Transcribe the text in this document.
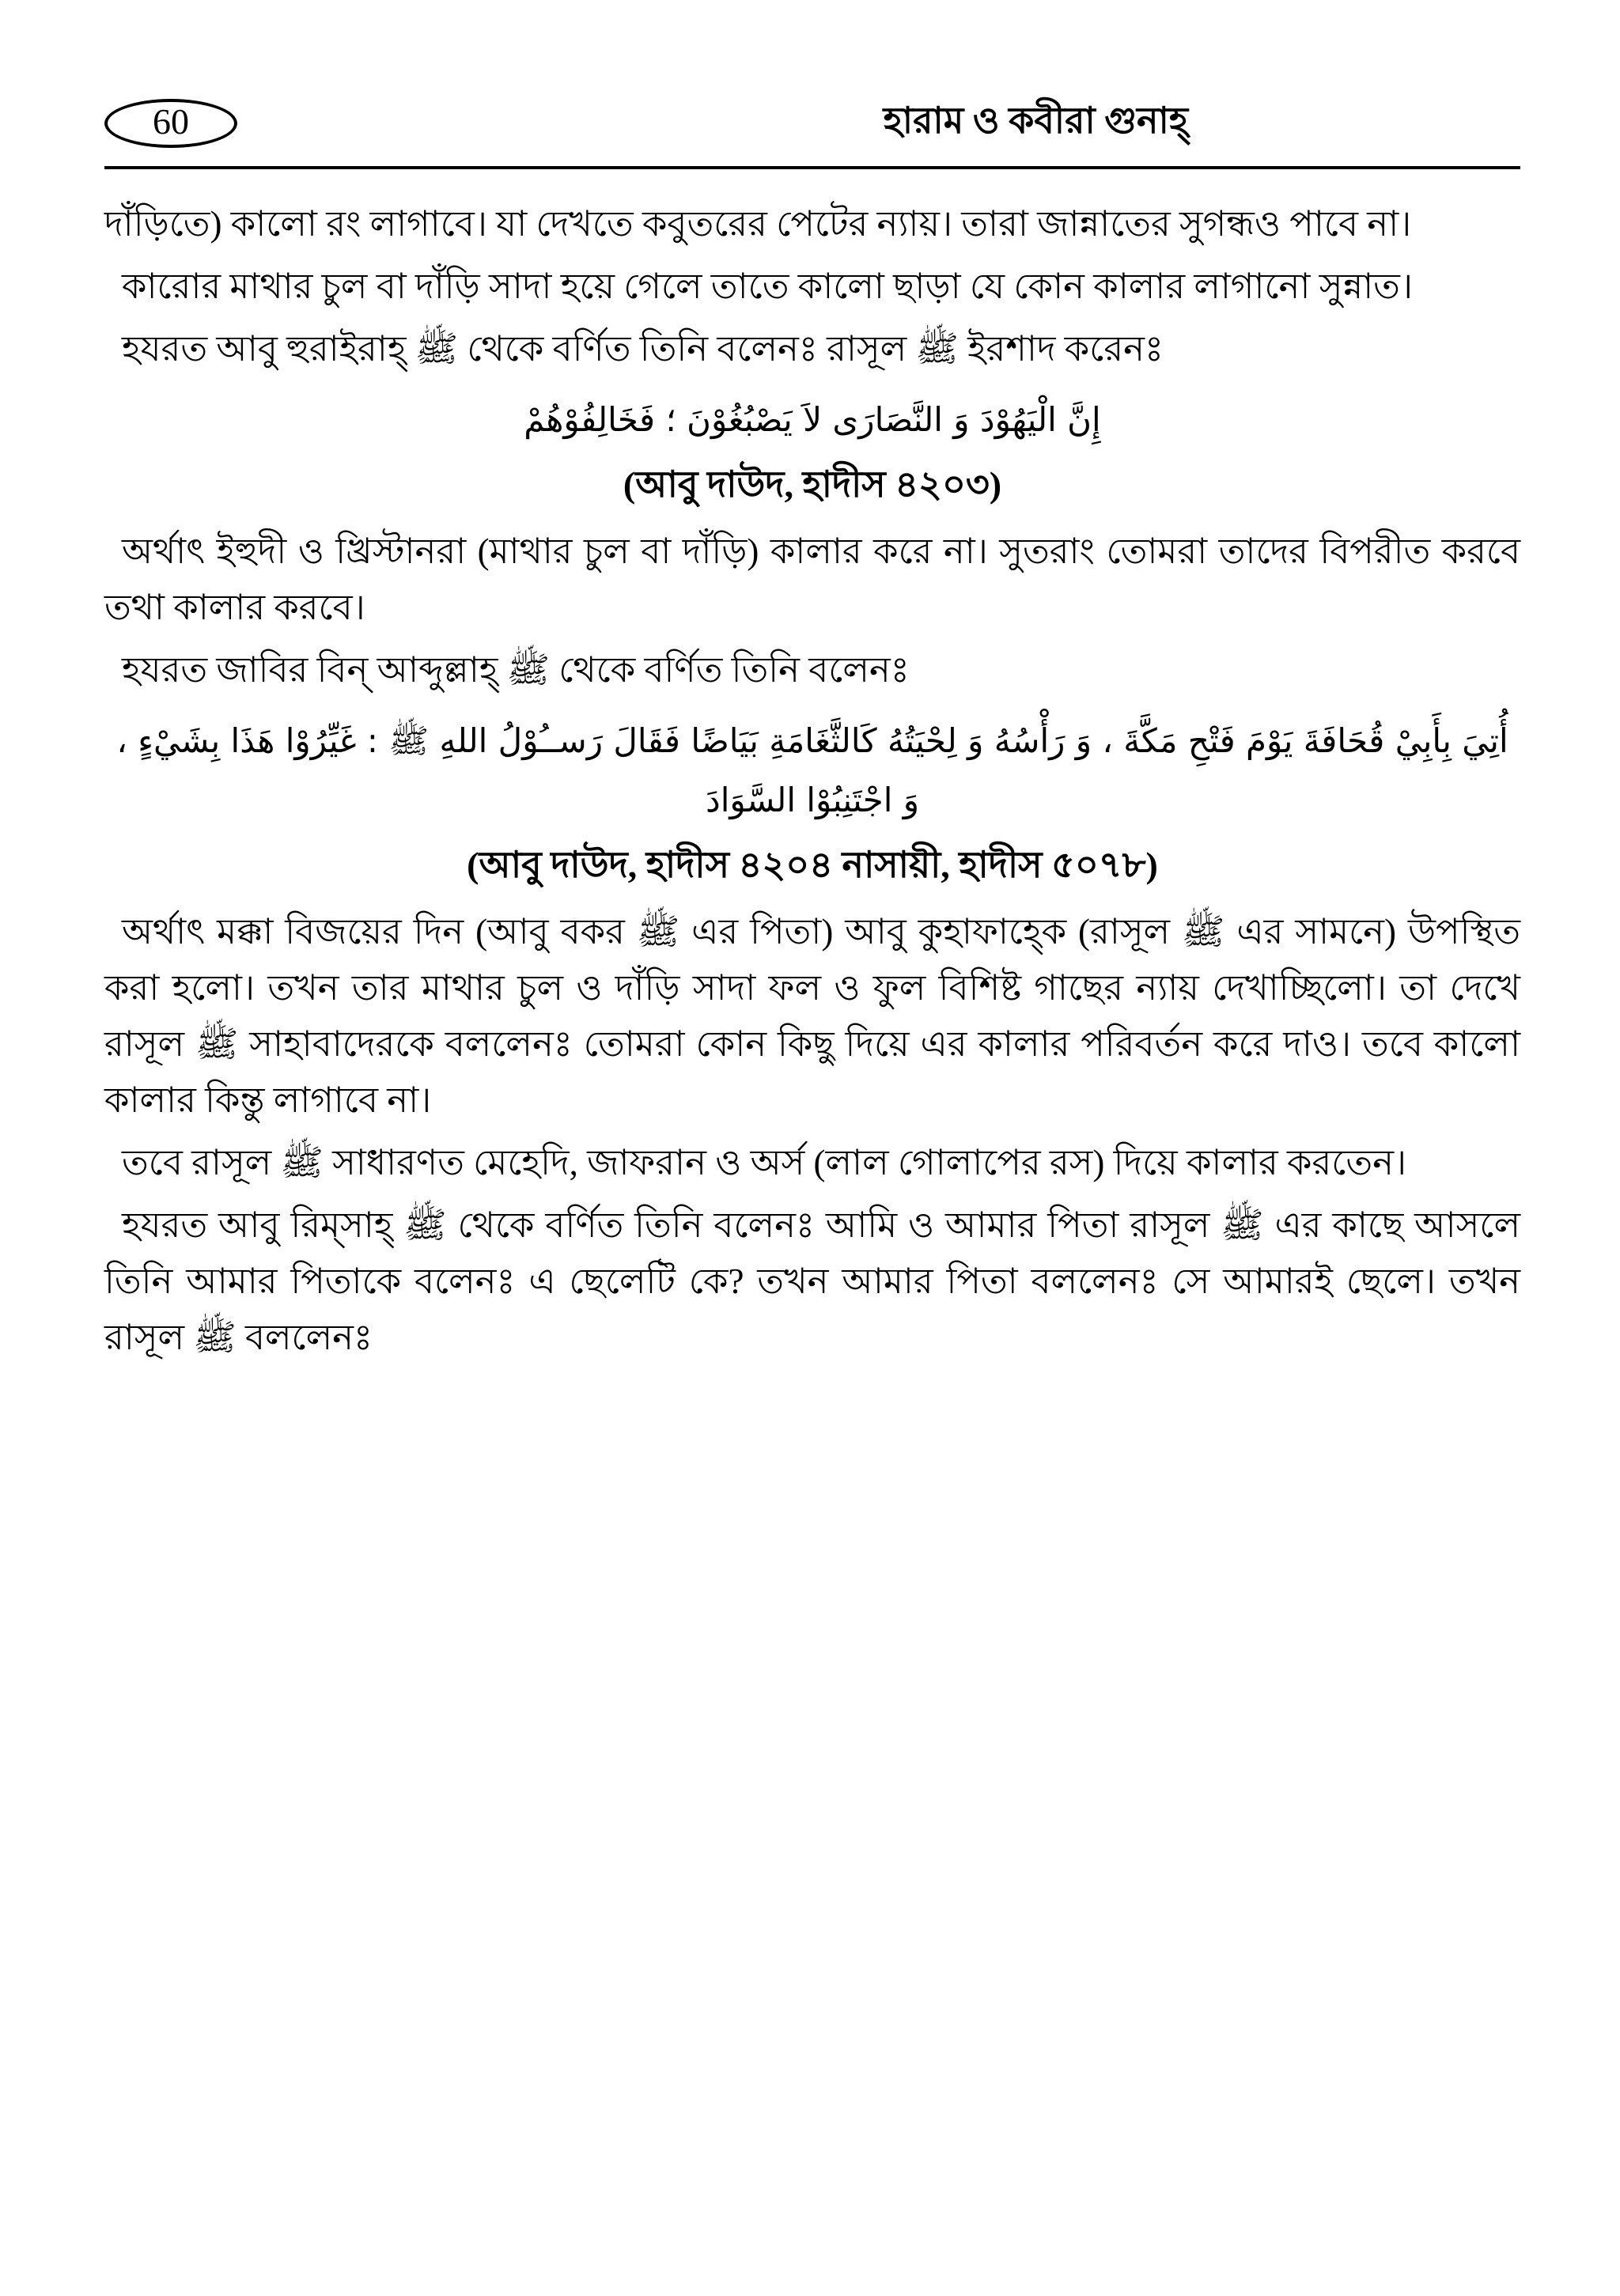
60	হারাম ও কবীরা গুনাহ্

দাঁড়িতে) কালো রং লাগাবে। যা দেখতে কবুতরের পেটের ন্যায়। তারা জান্নাতের সুগন্ধও পাবে না।

কারোর মাথার চুল বা দাঁড়ি সাদা হয়ে গেলে তাতে কালো ছাড়া যে কোন কালার লাগানো সুন্নাত।

হযরত আবু হুরাইরাহ্ ﷺ থেকে বর্ণিত তিনি বলেনঃ রাসূল ﷺ ইরশাদ করেনঃ

إِنَّ الْيَهُوْدَ وَ النَّصَارَى لاَ يَصْبُغُوْنَ ؛ فَخَالِفُوْهُمْ

(আবু দাউদ, হাদীস ৪২০৩)

অর্থাৎ ইহুদী ও খ্রিস্টানরা (মাথার চুল বা দাঁড়ি) কালার করে না। সুতরাং তোমরা তাদের বিপরীত করবে তথা কালার করবে।

হযরত জাবির বিন্ আব্দুল্লাহ্ ﷺ থেকে বর্ণিত তিনি বলেনঃ

أُتِيَ بِأَبِيْ قُحَافَةَ يَوْمَ فَتْحِ مَكَّةَ ، وَ رَأْسُهُ وَ لِحْيَتُهُ كَالثَّغَامَةِ بَيَاضًا فَقَالَ رَســُوْلُ اللهِ ﷺ : غَيِّرُوْا هَذَا بِشَيْءٍ ، وَ اجْتَنِبُوْا السَّوَادَ

(আবু দাউদ, হাদীস ৪২০৪ নাসায়ী, হাদীস ৫০৭৮)

অর্থাৎ মক্কা বিজয়ের দিন (আবু বকর ﷺ এর পিতা) আবু কুহাফাহ্কে (রাসূল ﷺ এর সামনে) উপস্থিত করা হলো। তখন তার মাথার চুল ও দাঁড়ি সাদা ফল ও ফুল বিশিষ্ট গাছের ন্যায় দেখাচ্ছিলো। তা দেখে রাসূল ﷺ সাহাবাদেরকে বললেনঃ তোমরা কোন কিছু দিয়ে এর কালার পরিবর্তন করে দাও। তবে কালো কালার কিন্তু লাগাবে না।

তবে রাসূল ﷺ সাধারণত মেহেদি, জাফরান ও অর্স (লাল গোলাপের রস) দিয়ে কালার করতেন।

হযরত আবু রিম্সাহ্ ﷺ থেকে বর্ণিত তিনি বলেনঃ আমি ও আমার পিতা রাসূল ﷺ এর কাছে আসলে তিনি আমার পিতাকে বলেনঃ এ ছেলেটি কে? তখন আমার পিতা বললেনঃ সে আমারই ছেলে। তখন রাসূল ﷺ বললেনঃ
